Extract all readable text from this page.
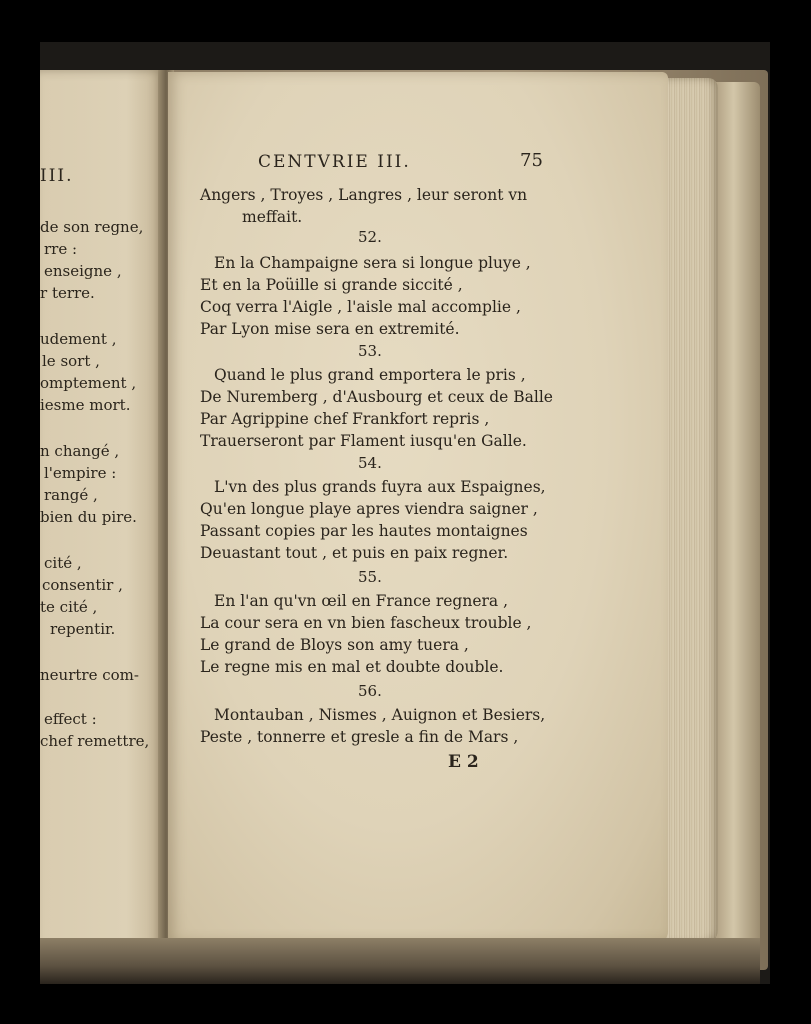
III.
de son regne,
rre :
enseigne ,
r terre.
udement ,
le sort ,
omptement ,
iesme mort.
n changé ,
l'empire :
rangé ,
bien du pire.
cité ,
consentir ,
te cité ,
repentir.
neurtre com-
effect :
chef remettre,
CENTVRIE III.	75
Angers , Troyes , Langres , leur seront vn
meffait.
52.
En la Champaigne sera si longue pluye ,
Et en la Poüille si grande siccité ,
Coq verra l'Aigle , l'aisle mal accomplie ,
Par Lyon mise sera en extremité.
53.
Quand le plus grand emportera le pris ,
De Nuremberg , d'Ausbourg et ceux de Balle
Par Agrippine chef Frankfort repris ,
Trauerseront par Flament iusqu'en Galle.
54.
L'vn des plus grands fuyra aux Espaignes,
Qu'en longue playe apres viendra saigner ,
Passant copies par les hautes montaignes
Deuastant tout , et puis en paix regner.
55.
En l'an qu'vn œil en France regnera ,
La cour sera en vn bien fascheux trouble ,
Le grand de Bloys son amy tuera ,
Le regne mis en mal et doubte double.
56.
Montauban , Nismes , Auignon et Besiers,
Peste , tonnerre et gresle a fin de Mars ,
E 2
